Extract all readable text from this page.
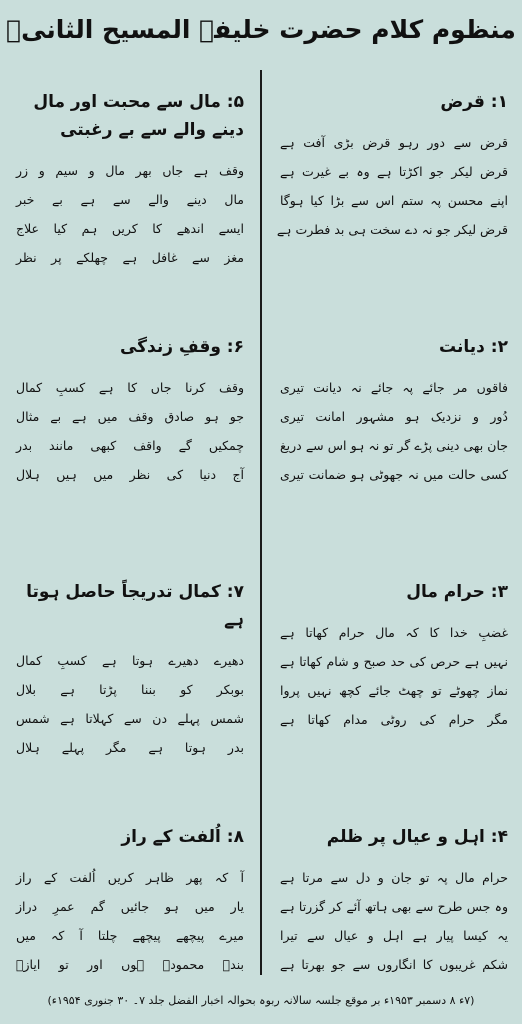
منظوم کلام حضرت خلیفۃ المسیح الثانیؓ
۱: قرض
قرض سے دور رہو قرض بڑی آفت ہے
قرض لیکر جو اکڑتا ہے وہ بے غیرت ہے
اپنے محسن پہ ستم اس سے بڑا کیا ہوگا
قرض لیکر جو نہ دے سخت ہی بد فطرت ہے
۲: دیانت
فاقوں مر جائے پہ جائے نہ دیانت تیری
دُور و نزدیک ہو مشہور امانت تیری
جان بھی دینی پڑے گر تو نہ ہو اس سے دریغ
کسی حالت میں نہ جھوٹی ہو ضمانت تیری
۳: حرام مال
غضبِ خدا کا کہ مال حرام کھاتا ہے
نہیں ہے حرص کی حد صبح و شام کھاتا ہے
نماز چھوٹے تو چھٹ جائے کچھ نہیں پروا
مگر حرام کی روٹی مدام کھاتا ہے
۴: اہل و عیال پر ظلم
حرام مال پہ تو جان و دل سے مرتا ہے
وہ جس طرح سے بھی ہاتھ آئے کر گزرتا ہے
یہ کیسا پیار ہے اہل و عیال سے تیرا
شکم غریبوں کا انگاروں سے جو بھرتا ہے
۵: مال سے محبت اور مال دینے والے سے بے رغبتی
وقف ہے جاں بھر مال و سیم و زر
مال دینے والے سے ہے بے خبر
ایسے اندھے کا کریں ہم کیا علاج
مغز سے غافل ہے چھلکے پر نظر
۶: وقفِ زندگی
وقف کرنا جاں کا ہے کسبِ کمال
جو ہو صادق وقف میں ہے بے مثال
چمکیں گے واقف کبھی مانند بدر
آج دنیا کی نظر میں ہیں ہلال
۷: کمال تدریجاً حاصل ہوتا ہے
دھیرے دھیرے ہوتا ہے کسبِ کمال
بوبکر کو بننا پڑتا ہے بلال
شمس پہلے دن سے کہلاتا ہے شمس
بدر ہوتا ہے مگر پہلے ہلال
۸: اُلفت کے راز
آ کہ پھر ظاہر کریں اُلفت کے راز
یار میں ہو جائیں گم عمرِ دراز
میرے پیچھے پیچھے چلتا آ کہ میں
بندۂ محمودؔ ہوں اور تو ایازؔ
(۷ء ۸ دسمبر ۱۹۵۳ء بر موقع جلسہ سالانہ ربوہ بحوالہ اخبار الفضل جلد ۷۔ ۳۰ جنوری ۱۹۵۴ء)
